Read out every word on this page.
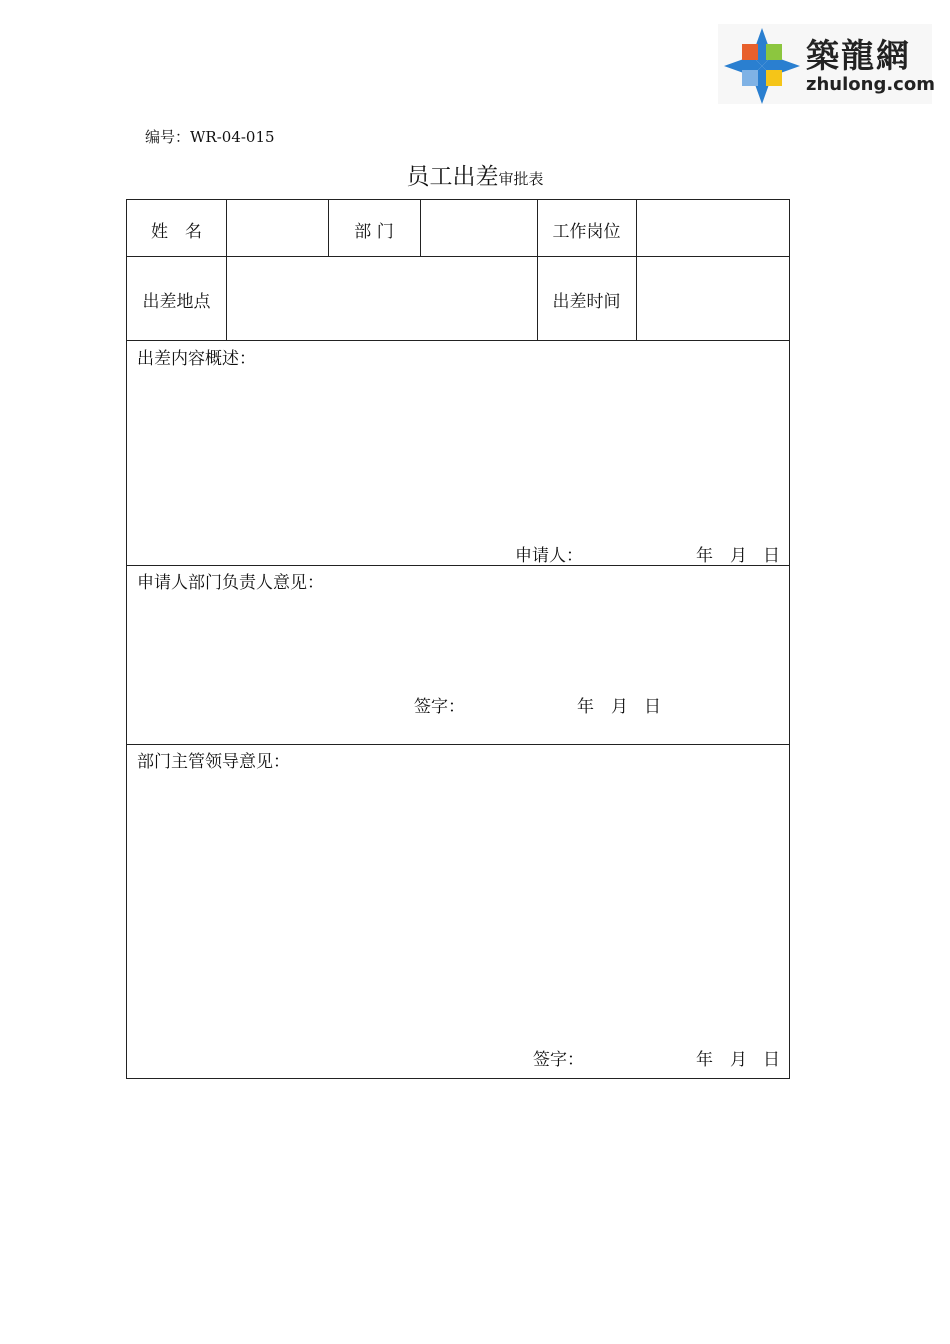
築龍網
zhulong.com
编号：WR-04-015
员工出差审批表
姓　名	部 门	工作岗位
出差地点	出差时间
出差内容概述：
申请人：	年 月 日
申请人部门负责人意见：
签字：	年 月 日
部门主管领导意见：
签字：	年 月 日
